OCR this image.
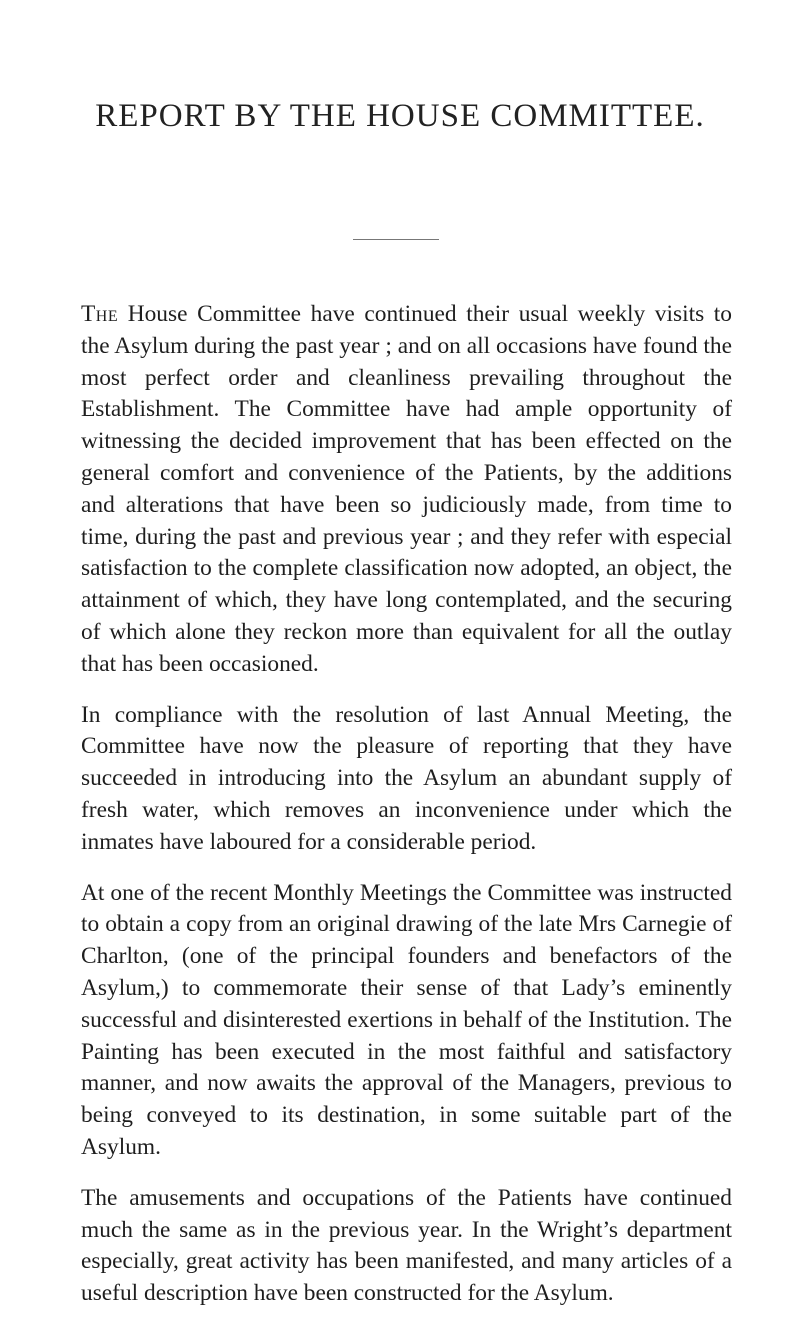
REPORT BY THE HOUSE COMMITTEE.

The House Committee have continued their usual weekly visits to the Asylum during the past year ; and on all occasions have found the most perfect order and cleanliness prevailing throughout the Establishment. The Committee have had ample opportunity of witnessing the decided improvement that has been effected on the general comfort and convenience of the Patients, by the additions and alterations that have been so judiciously made, from time to time, during the past and previous year ; and they refer with especial satisfaction to the complete classification now adopted, an object, the attainment of which, they have long contemplated, and the securing of which alone they reckon more than equivalent for all the outlay that has been occasioned.

In compliance with the resolution of last Annual Meeting, the Committee have now the pleasure of reporting that they have succeeded in introducing into the Asylum an abundant supply of fresh water, which removes an inconvenience under which the inmates have laboured for a considerable period.

At one of the recent Monthly Meetings the Committee was instructed to obtain a copy from an original drawing of the late Mrs Carnegie of Charlton, (one of the principal founders and benefactors of the Asylum,) to commemorate their sense of that Lady’s eminently successful and disinterested exertions in behalf of the Institution. The Painting has been executed in the most faithful and satisfactory manner, and now awaits the approval of the Managers, previous to being conveyed to its destination, in some suitable part of the Asylum.

The amusements and occupations of the Patients have continued much the same as in the previous year. In the Wright’s department especially, great activity has been manifested, and many articles of a useful description have been constructed for the Asylum.
